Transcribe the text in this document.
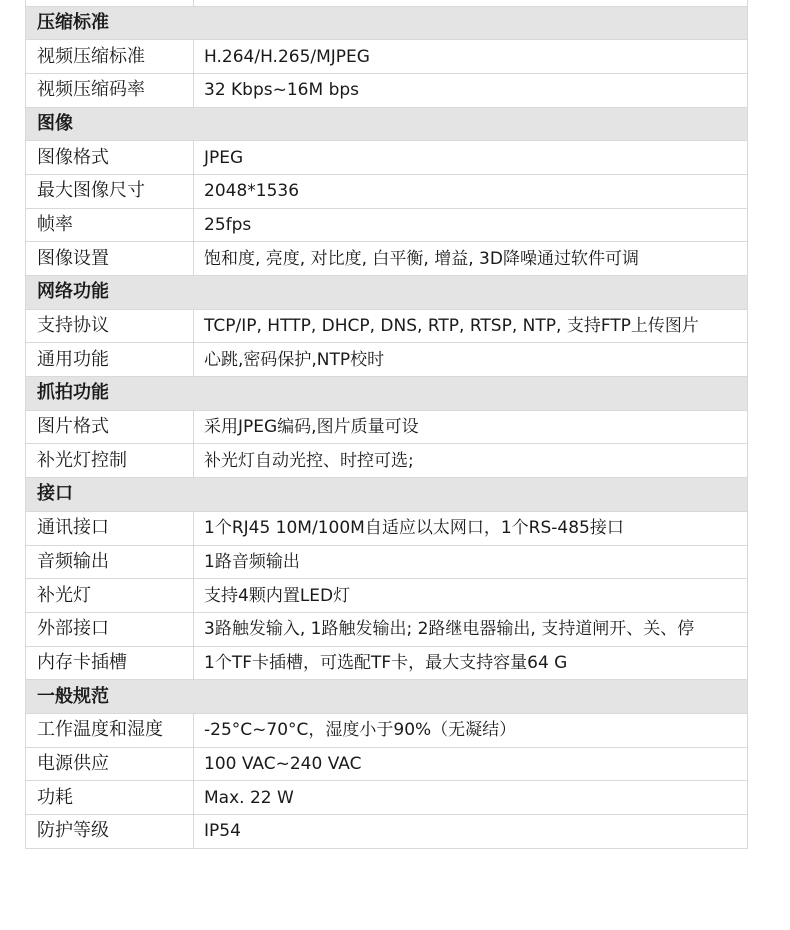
压缩标准	
视频压缩标准	H.264/H.265/MJPEG
视频压缩码率	32 Kbps~16M bps
图像	
图像格式	JPEG
最大图像尺寸	2048*1536
帧率	25fps
图像设置	饱和度, 亮度, 对比度, 白平衡, 增益, 3D降噪通过软件可调
网络功能	
支持协议	TCP/IP, HTTP, DHCP, DNS, RTP, RTSP, NTP, 支持FTP上传图片
通用功能	心跳,密码保护,NTP校时
抓拍功能	
图片格式	采用JPEG编码,图片质量可设
补光灯控制	补光灯自动光控、时控可选;
接口	
通讯接口	1个RJ45 10M/100M自适应以太网口，1个RS-485接口
音频输出	1路音频输出
补光灯	支持4颗内置LED灯
外部接口	3路触发输入, 1路触发输出; 2路继电器输出, 支持道闸开、关、停
内存卡插槽	1个TF卡插槽，可选配TF卡，最大支持容量64 G
一般规范	
工作温度和湿度	-25°C~70°C，湿度小于90%（无凝结）
电源供应	100 VAC~240 VAC
功耗	Max. 22 W
防护等级	IP54
